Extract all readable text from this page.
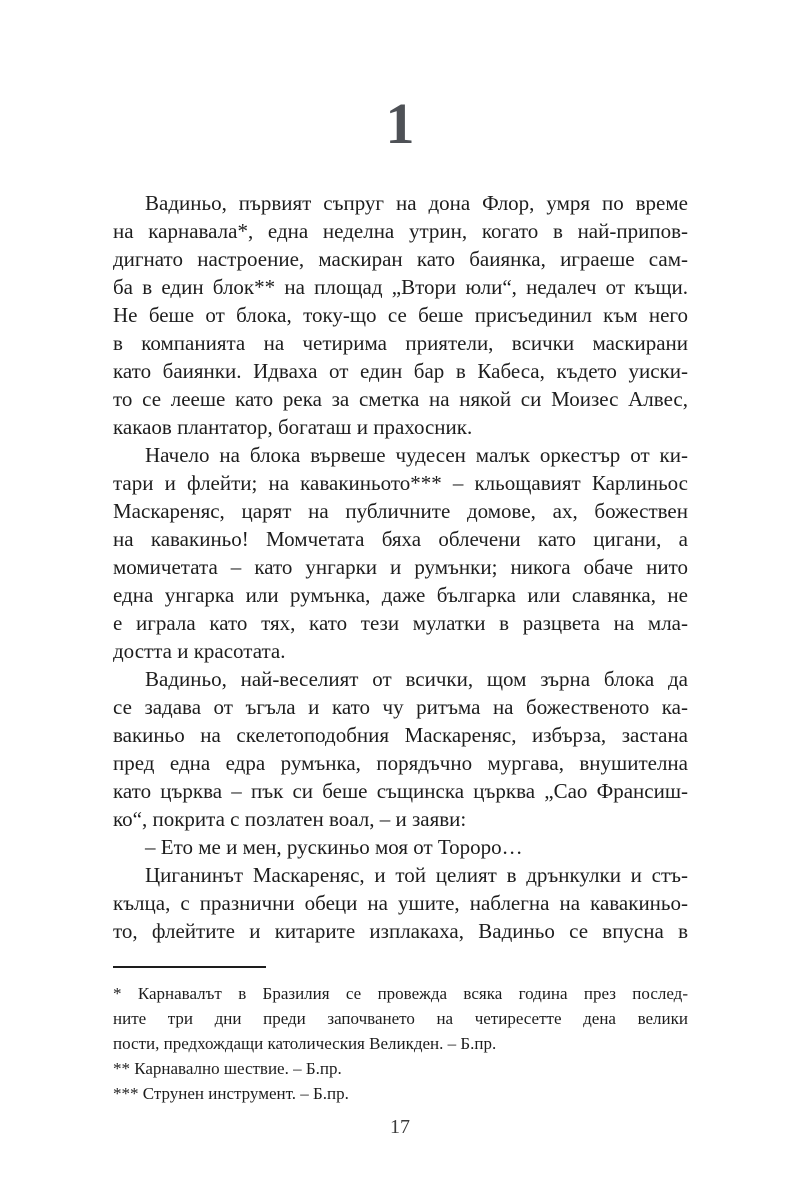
1

Вадиньо, първият съпруг на дона Флор, умря по време
на карнавала*, една неделна утрин, когато в най-припов-
дигнато настроение, маскиран като баиянка, играеше сам-
ба в един блок** на площад „Втори юли“, недалеч от къщи.
Не беше от блока, току-що се беше присъединил към него
в компанията на четирима приятели, всички маскирани
като баиянки. Идваха от един бар в Кабеса, където уиски-
то се лееше като река за сметка на някой си Моизес Алвес,
какаов плантатор, богаташ и прахосник.

Начело на блока вървеше чудесен малък оркестър от ки-
тари и флейти; на кавакиньото*** – кльощавият Карлиньос
Маскареняс, царят на публичните домове, ах, божествен
на кавакиньо! Момчетата бяха облечени като цигани, а
момичетата – като унгарки и румънки; никога обаче нито
една унгарка или румънка, даже българка или славянка, не
е играла като тях, като тези мулатки в разцвета на мла-
достта и красотата.

Вадиньо, най-веселият от всички, щом зърна блока да
се задава от ъгъла и като чу ритъма на божественото ка-
вакиньо на скелетоподобния Маскареняс, избърза, застана
пред една едра румънка, порядъчно мургава, внушителна
като църква – пък си беше същинска църква „Сао Франсиш-
ко“, покрита с позлатен воал, – и заяви:

– Ето ме и мен, рускиньо моя от Тороро…

Циганинът Маскареняс, и той целият в дрънкулки и стъ-
кълца, с празнични обеци на ушите, наблегна на кавакиньо-
то, флейтите и китарите изплакаха, Вадиньо се впусна в

* Карнавалът в Бразилия се провежда всяка година през послед-
ните три дни преди започването на четиресетте дена велики
пости, предхождащи католическия Великден. – Б.пр.
** Карнавално шествие. – Б.пр.
*** Струнен инструмент. – Б.пр.
17
